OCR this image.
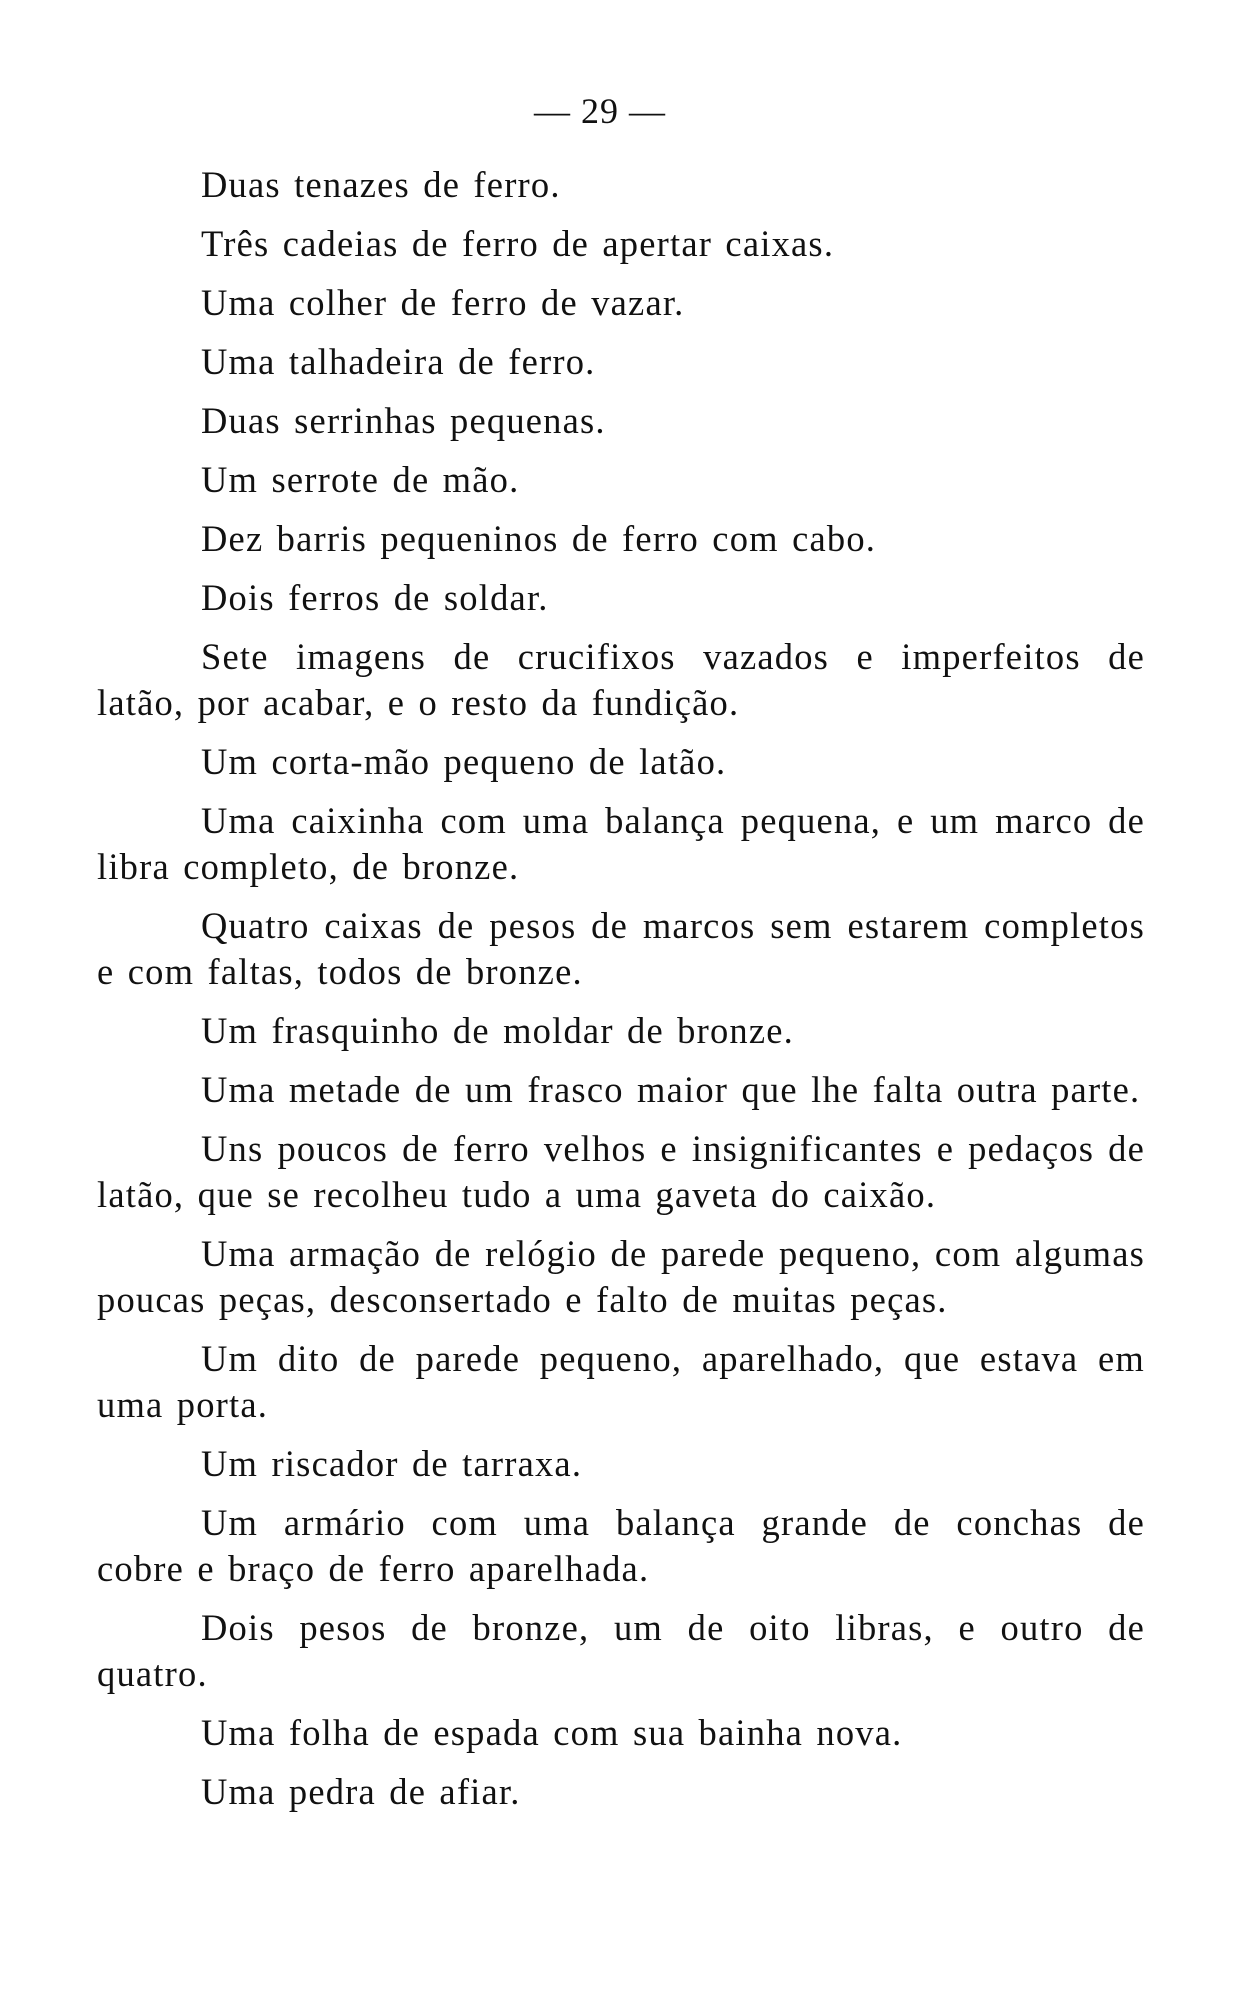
— 29 —

Duas tenazes de ferro.

Três cadeias de ferro de apertar caixas.

Uma colher de ferro de vazar.

Uma talhadeira de ferro.

Duas serrinhas pequenas.

Um serrote de mão.

Dez barris pequeninos de ferro com cabo.

Dois ferros de soldar.

Sete imagens de crucifixos vazados e imperfeitos de latão, por acabar, e o resto da fundição.

Um corta-mão pequeno de latão.

Uma caixinha com uma balança pequena, e um marco de libra completo, de bronze.

Quatro caixas de pesos de marcos sem estarem completos e com faltas, todos de bronze.

Um frasquinho de moldar de bronze.

Uma metade de um frasco maior que lhe falta outra parte.

Uns poucos de ferro velhos e insignificantes e pedaços de latão, que se recolheu tudo a uma gaveta do caixão.

Uma armação de relógio de parede pequeno, com algumas poucas peças, desconsertado e falto de muitas peças.

Um dito de parede pequeno, aparelhado, que estava em uma porta.

Um riscador de tarraxa.

Um armário com uma balança grande de conchas de cobre e braço de ferro aparelhada.

Dois pesos de bronze, um de oito libras, e outro de quatro.

Uma folha de espada com sua bainha nova.

Uma pedra de afiar.
